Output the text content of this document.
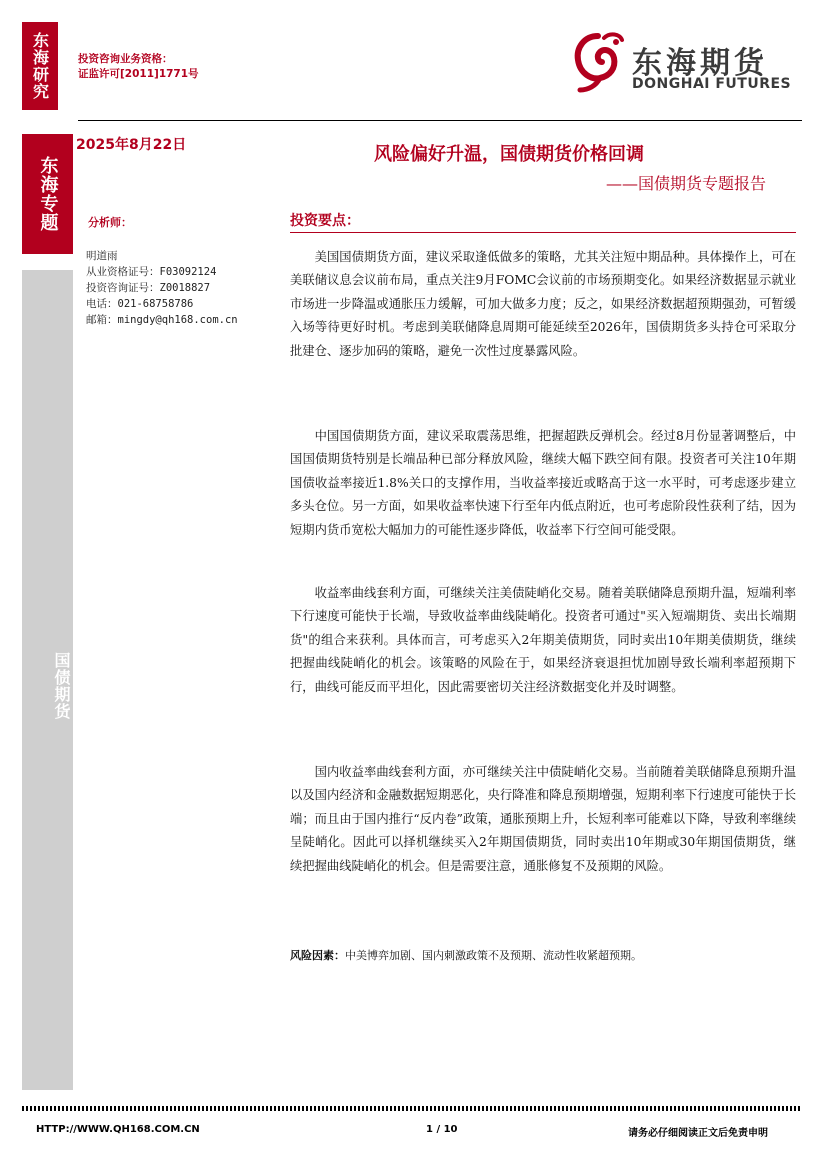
东海研究
东海专题
国债期货
投资咨询业务资格：
证监许可[2011]1771号	东海期货
DONGHAI FUTURES
2025年8月22日	风险偏好升温，国债期货价格回调
——国债期货专题报告
分析师：
明道雨
从业资格证号：F03092124
投资咨询证号：Z0018827
电话：021-68758786
邮箱：mingdy@qh168.com.cn
投资要点：
美国国债期货方面，建议采取逢低做多的策略，尤其关注短中期品种。具体操作上，可在美联储议息会议前布局，重点关注9月FOMC会议前的市场预期变化。如果经济数据显示就业市场进一步降温或通胀压力缓解，可加大做多力度；反之，如果经济数据超预期强劲，可暂缓入场等待更好时机。考虑到美联储降息周期可能延续至2026年，国债期货多头持仓可采取分批建仓、逐步加码的策略，避免一次性过度暴露风险。
中国国债期货方面，建议采取震荡思维，把握超跌反弹机会。经过8月份显著调整后，中国国债期货特别是长端品种已部分释放风险，继续大幅下跌空间有限。投资者可关注10年期国债收益率接近1.8%关口的支撑作用，当收益率接近或略高于这一水平时，可考虑逐步建立多头仓位。另一方面，如果收益率快速下行至年内低点附近，也可考虑阶段性获利了结，因为短期内货币宽松大幅加力的可能性逐步降低，收益率下行空间可能受限。
收益率曲线套利方面，可继续关注美债陡峭化交易。随着美联储降息预期升温，短端利率下行速度可能快于长端，导致收益率曲线陡峭化。投资者可通过"买入短端期货、卖出长端期货"的组合来获利。具体而言，可考虑买入2年期美债期货，同时卖出10年期美债期货，继续把握曲线陡峭化的机会。该策略的风险在于，如果经济衰退担忧加剧导致长端利率超预期下行，曲线可能反而平坦化，因此需要密切关注经济数据变化并及时调整。
国内收益率曲线套利方面，亦可继续关注中债陡峭化交易。当前随着美联储降息预期升温以及国内经济和金融数据短期恶化，央行降准和降息预期增强，短期利率下行速度可能快于长端；而且由于国内推行“反内卷”政策，通胀预期上升，长短利率可能难以下降，导致利率继续呈陡峭化。因此可以择机继续买入2年期国债期货，同时卖出10年期或30年期国债期货，继续把握曲线陡峭化的机会。但是需要注意，通胀修复不及预期的风险。
风险因素：中美博弈加剧、国内刺激政策不及预期、流动性收紧超预期。
HTTP://WWW.QH168.COM.CN	1 / 10	请务必仔细阅读正文后免责申明
